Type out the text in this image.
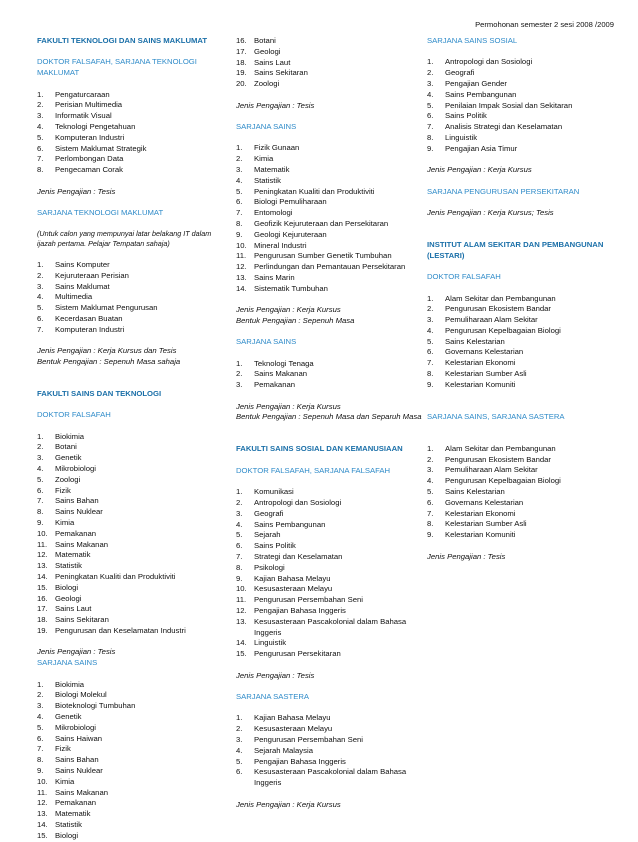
Permohonan semester 2 sesi 2008 /2009
FAKULTI TEKNOLOGI DAN SAINS MAKLUMAT
DOKTOR FALSAFAH, SARJANA TEKNOLOGI MAKLUMAT
1.	Pengaturcaraan
2.	Perisian Multimedia
3.	Informatik Visual
4.	Teknologi Pengetahuan
5.	Komputeran Industri
6.	Sistem Maklumat Strategik
7.	Perlombongan Data
8.	Pengecaman Corak
Jenis Pengajian : Tesis
SARJANA TEKNOLOGI MAKLUMAT
(Untuk calon yang mempunyai latar belakang IT dalam ijazah pertama. Pelajar Tempatan sahaja)
1.	Sains Komputer
2.	Kejuruteraan Perisian
3.	Sains Maklumat
4.	Multimedia
5.	Sistem Maklumat Pengurusan
6.	Kecerdasan Buatan
7.	Komputeran Industri
Jenis Pengajian : Kerja Kursus dan Tesis
Bentuk Pengajian : Sepenuh Masa sahaja
FAKULTI SAINS DAN TEKNOLOGI
DOKTOR FALSAFAH
1.	Biokimia
2.	Botani
3.	Genetik
4.	Mikrobiologi
5.	Zoologi
6.	Fizik
7.	Sains Bahan
8.	Sains Nuklear
9.	Kimia
10. Pemakanan
11.	Sains Makanan
12. Matematik
13. Statistik
14. Peningkatan Kualiti dan Produktiviti
15. Biologi
16. Geologi
17. Sains Laut
18. Sains Sekitaran
19. Pengurusan dan Keselamatan Industri
Jenis Pengajian : Tesis
SARJANA SAINS
1.	Biokimia
2.	Biologi Molekul
3.	Bioteknologi Tumbuhan
4.	Genetik
5.	Mikrobiologi
6.	Sains Haiwan
7.	Fizik
8.	Sains Bahan
9.	Sains Nuklear
10. Kimia
11.	Sains Makanan
12. Pemakanan
13. Matematik
14. Statistik
15. Biologi
16. Botani
17. Geologi
18. Sains Laut
19. Sains Sekitaran
20. Zoologi
Jenis Pengajian : Tesis
SARJANA SAINS
1.	Fizik Gunaan
2.	Kimia
3.	Matematik
4.	Statistik
5.	Peningkatan Kualiti dan Produktiviti
6.	Biologi Pemuliharaan
7.	Entomologi
8.	Geofizik Kejuruteraan dan Persekitaran
9.	Geologi Kejuruteraan
10. Mineral Industri
11.	Pengurusan Sumber Genetik Tumbuhan
12. Perlindungan dan Pemantauan Persekitaran
13. Sains Marin
14. Sistematik Tumbuhan
Jenis Pengajian : Kerja Kursus
Bentuk Pengajian : Sepenuh Masa
SARJANA SAINS
1.	Teknologi Tenaga
2.	Sains Makanan
3.	Pemakanan
Jenis Pengajian : Kerja Kursus
Bentuk Pengajian : Sepenuh Masa dan Separuh Masa
FAKULTI SAINS SOSIAL DAN KEMANUSIAAN
DOKTOR FALSAFAH, SARJANA FALSAFAH
1.	Komunikasi
2.	Antropologi dan Sosiologi
3.	Geografi
4.	Sains Pembangunan
5.	Sejarah
6.	Sains Politik
7.	Strategi dan Keselamatan
8.	Psikologi
9.	Kajian Bahasa Melayu
10. Kesusasteraan Melayu
11.	Pengurusan Persembahan Seni
12. Pengajian Bahasa Inggeris
13. Kesusasteraan Pascakolonial dalam Bahasa Inggeris
14. Linguistik
15. Pengurusan Persekitaran
Jenis Pengajian : Tesis
SARJANA SASTERA
1.	Kajian Bahasa Melayu
2.	Kesusasteraan Melayu
3.	Pengurusan Persembahan Seni
4.	Sejarah Malaysia
5.	Pengajian Bahasa Inggeris
6.	Kesusasteraan Pascakolonial dalam Bahasa Inggeris
Jenis Pengajian : Kerja Kursus
SARJANA SAINS SOSIAL
1.	Antropologi dan Sosiologi
2.	Geografi
3.	Pengajian Gender
4.	Sains Pembangunan
5.	Penilaian Impak Sosial dan Sekitaran
6.	Sains Politik
7.	Analisis Strategi dan Keselamatan
8.	Linguistik
9.	Pengajian Asia Timur
Jenis Pengajian : Kerja Kursus
SARJANA PENGURUSAN PERSEKITARAN
Jenis Pengajian : Kerja Kursus; Tesis
INSTITUT ALAM SEKITAR DAN PEMBANGUNAN (LESTARI)
DOKTOR FALSAFAH
1.	Alam Sekitar dan Pembangunan
2.	Pengurusan Ekosistem Bandar
3.	Pemuliharaan Alam Sekitar
4.	Pengurusan Kepelbagaian Biologi
5.	Sains Kelestarian
6.	Governans Kelestarian
7.	Kelestarian Ekonomi
8.	Kelestarian Sumber Asli
9.	Kelestarian Komuniti
SARJANA SAINS, SARJANA SASTERA
1.	Alam Sekitar dan Pembangunan
2.	Pengurusan Ekosistem Bandar
3.	Pemuliharaan Alam Sekitar
4.	Pengurusan Kepelbagaian Biologi
5.	Sains Kelestarian
6.	Governans Kelestarian
7.	Kelestarian Ekonomi
8.	Kelestarian Sumber Asli
9.	Kelestarian Komuniti
Jenis Pengajian : Tesis
